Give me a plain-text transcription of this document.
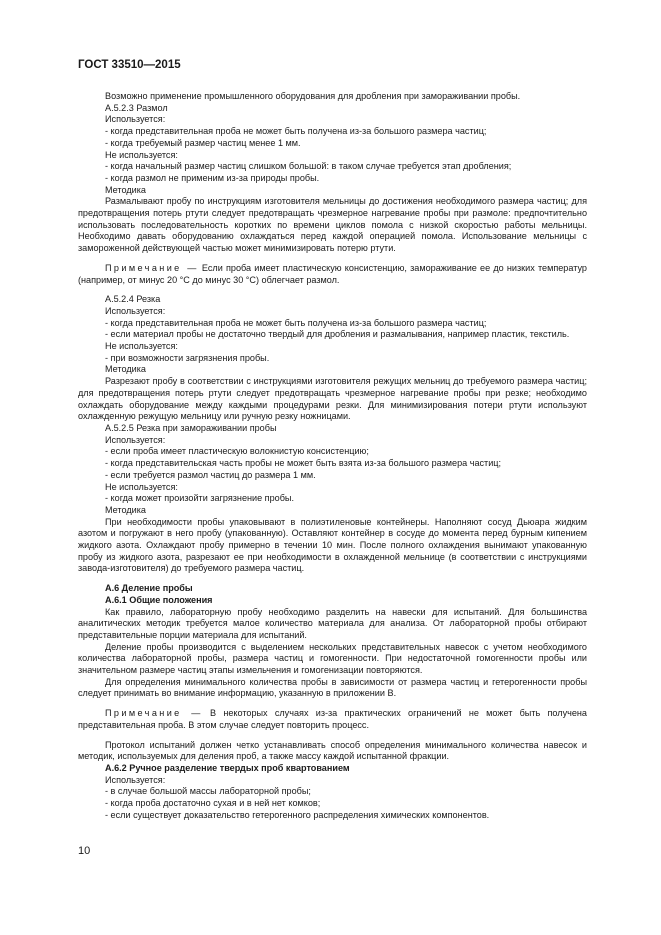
ГОСТ 33510—2015
Возможно применение промышленного оборудования для дробления при замораживании пробы.
А.5.2.3 Размол
Используется:
- когда представительная проба не может быть получена из-за большого размера частиц;
- когда требуемый размер частиц менее 1 мм.
Не используется:
- когда начальный размер частиц слишком большой: в таком случае требуется этап дробления;
- когда размол не применим из-за природы пробы.
Методика
Размалывают пробу по инструкциям изготовителя мельницы до достижения необходимого размера частиц; для предотвращения потерь ртути следует предотвращать чрезмерное нагревание пробы при размоле: предпочтительно использовать последовательность коротких по времени циклов помола с низкой скоростью работы мельницы. Необходимо давать оборудованию охлаждаться перед каждой операцией помола. Использование мельницы с замороженной действующей частью может минимизировать потерю ртути.
Примечание — Если проба имеет пластическую консистенцию, замораживание ее до низких температур (например, от минус 20 °С до минус 30 °С) облегчает размол.
А.5.2.4 Резка
Используется:
- когда представительная проба не может быть получена из-за большого размера частиц;
- если материал пробы не достаточно твердый для дробления и размалывания, например пластик, текстиль.
Не используется:
- при возможности загрязнения пробы.
Методика
Разрезают пробу в соответствии с инструкциями изготовителя режущих мельниц до требуемого размера частиц; для предотвращения потерь ртути следует предотвращать чрезмерное нагревание пробы при резке; необходимо охлаждать оборудование между каждыми процедурами резки. Для минимизирования потери ртути используют охлажденную режущую мельницу или ручную резку ножницами.
А.5.2.5 Резка при замораживании пробы
Используется:
- если проба имеет пластическую волокнистую консистенцию;
- когда представительская часть пробы не может быть взята из-за большого размера частиц;
- если требуется размол частиц до размера 1 мм.
Не используется:
- когда может произойти загрязнение пробы.
Методика
При необходимости пробы упаковывают в полиэтиленовые контейнеры. Наполняют сосуд Дьюара жидким азотом и погружают в него пробу (упакованную). Оставляют контейнер в сосуде до момента перед бурным кипением жидкого азота. Охлаждают пробу примерно в течении 10 мин. После полного охлаждения вынимают упакованную пробу из жидкого азота, разрезают ее при необходимости в охлажденной мельнице (в соответствии с инструкциями завода-изготовителя) до требуемого размера частиц.
А.6 Деление пробы
А.6.1 Общие положения
Как правило, лабораторную пробу необходимо разделить на навески для испытаний. Для большинства аналитических методик требуется малое количество материала для анализа. От лабораторной пробы отбирают представительные порции материала для испытаний.
Деление пробы производится с выделением нескольких представительных навесок с учетом необходимого количества лабораторной пробы, размера частиц и гомогенности. При недостаточной гомогенности пробы или значительном размере частиц этапы измельчения и гомогенизации повторяются.
Для определения минимального количества пробы в зависимости от размера частиц и гетерогенности пробы следует принимать во внимание информацию, указанную в приложении В.
Примечание — В некоторых случаях из-за практических ограничений не может быть получена представительная проба. В этом случае следует повторить процесс.
Протокол испытаний должен четко устанавливать способ определения минимального количества навесок и методик, используемых для деления проб, а также массу каждой испытанной фракции.
А.6.2 Ручное разделение твердых проб квартованием
Используется:
- в случае большой массы лабораторной пробы;
- когда проба достаточно сухая и в ней нет комков;
- если существует доказательство гетерогенного распределения химических компонентов.
10
